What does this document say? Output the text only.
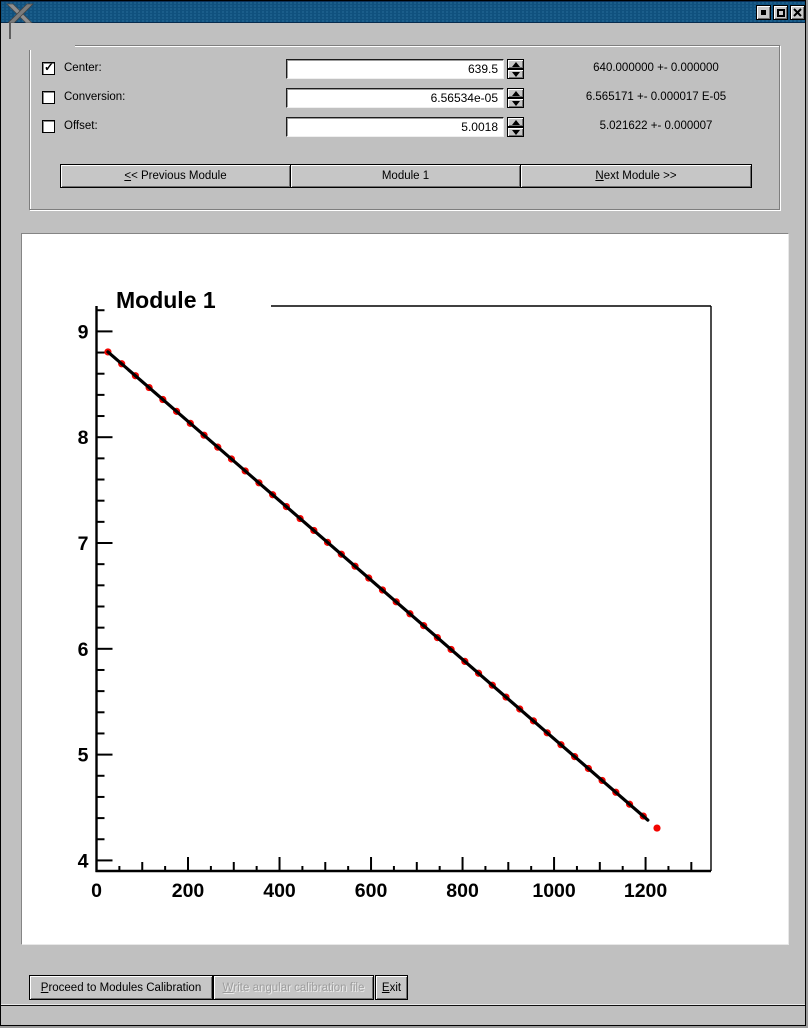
✓ Center:
639.5	640.000000 +- 0.000000
Conversion:
6.56534e-05	6.565171 +- 0.000017 E-05
Offset:
5.0018	5.021622 +- 0.000007
< < Previous Module	Module 1	N ext Module >>
0	200	400	600	800	1000 1200
4
5
6
7
8
9
Module 1
P roceed to Modules Calibration	W rite angular calibration file	E xit
